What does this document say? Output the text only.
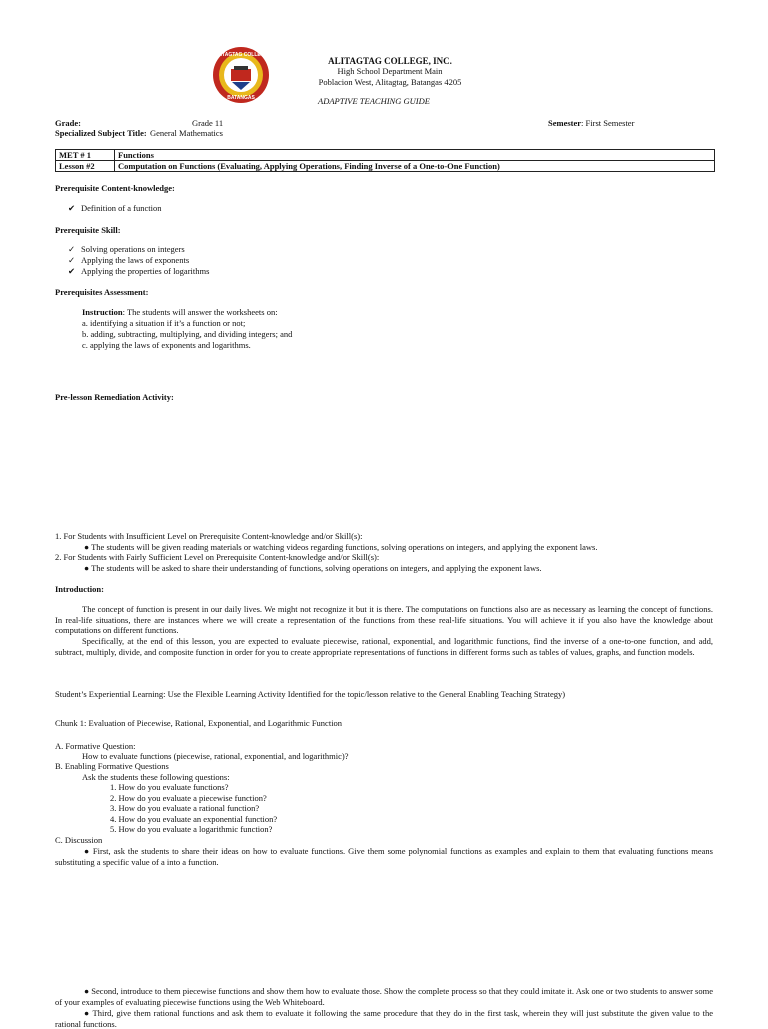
ALITAGTAG COLLEGE
BATANGAS
ALITAGTAG COLLEGE, INC.
High School Department Main
Poblacion West, Alitagtag, Batangas 4205
ADAPTIVE TEACHING GUIDE
Grade:	Grade 11	Semester: First Semester
Specialized Subject Title: General Mathematics
MET # 1	Functions
Lesson #2	Computation on Functions (Evaluating, Applying Operations, Finding Inverse of a One-to-One Function)
Prerequisite Content-knowledge:
✔ Definition of a function
Prerequisite Skill:
✓ Solving operations on integers
✓ Applying the laws of exponents
✔ Applying the properties of logarithms
Prerequisites Assessment:
Instruction: The students will answer the worksheets on:
a. identifying a situation if it’s a function or not;
b. adding, subtracting, multiplying, and dividing integers; and
c. applying the laws of exponents and logarithms.
Pre-lesson Remediation Activity:
1. For Students with Insufficient Level on Prerequisite Content-knowledge and/or Skill(s):
● The students will be given reading materials or watching videos regarding functions, solving operations on integers, and applying the exponent laws.
2. For Students with Fairly Sufficient Level on Prerequisite Content-knowledge and/or Skill(s):
● The students will be asked to share their understanding of functions, solving operations on integers, and applying the exponent laws.
Introduction:
The concept of function is present in our daily lives. We might not recognize it but it is there. The computations on functions also are as necessary as learning the concept of functions. In real-life situations, there are instances where we will create a representation of the functions from these real-life situations. You will achieve it if you also have the knowledge about computations on different functions.
Specifically, at the end of this lesson, you are expected to evaluate piecewise, rational, exponential, and logarithmic functions, find the inverse of a one-to-one function, and add, subtract, multiply, divide, and composite function in order for you to create appropriate representations of functions in different forms such as tables of values, graphs, and function models.
Student’s Experiential Learning: Use the Flexible Learning Activity Identified for the topic/lesson relative to the General Enabling Teaching Strategy)
Chunk 1: Evaluation of Piecewise, Rational, Exponential, and Logarithmic Function
A. Formative Question:
How to evaluate functions (piecewise, rational, exponential, and logarithmic)?
B. Enabling Formative Questions
Ask the students these following questions:
1. How do you evaluate functions?
2. How do you evaluate a piecewise function?
3. How do you evaluate a rational function?
4. How do you evaluate an exponential function?
5. How do you evaluate a logarithmic function?
C. Discussion
● First, ask the students to share their ideas on how to evaluate functions. Give them some polynomial functions as examples and explain to them that evaluating functions means substituting a specific value of a into a function.
● Second, introduce to them piecewise functions and show them how to evaluate those. Show the complete process so that they could imitate it. Ask one or two students to answer some of your examples of evaluating piecewise functions using the Web Whiteboard.
● Third, give them rational functions and ask them to evaluate it following the same procedure that they do in the first task, wherein they will just substitute the given value to the rational functions.
